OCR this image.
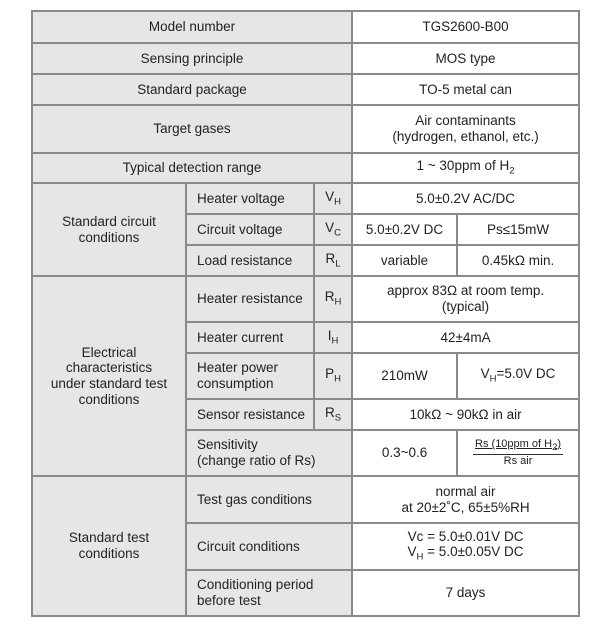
Model number			TGS2600-B00	
Sensing principle			MOS type	
Standard package			TO-5 metal can	
Target gases			Air contaminants
(hydrogen, ethanol, etc.)	

Typical detection range			1 ~ 30ppm of $H_2$

Standard circuit
conditions	Heater voltage	$V_H$	5.0±0.2V AC/DC	
	Circuit voltage	$V_C$	5.0±0.2V DC	Ps≤15mW
	Load resistance	$R_L$	variable	0.45kΩ min.

Electrical
characteristics
under standard test
conditions	Heater resistance	$R_H$	approx 83Ω at room temp.
(typical)	

	Heater current	$I_H$	42±4mA	

	Heater power
consumption	$P_H$	210mW	$V_H=5.0V$ DC
	Sensor resistance	$R_S$	10kΩ ~ 90kΩ in air	

	Sensitivity
(change ratio of Rs)		0.3~0.6	$\frac{Rs (10ppm of H_2)}{\text{Rs air}}$

Standard test
conditions	Test gas conditions		normal air
at 20±2˚C, 65±5%RH	

	Circuit conditions		Vc = 5.0±0.01V DC
$V_H = 5.0\pm 0.05V$ DC	

	Conditioning period
before test		7 days	
